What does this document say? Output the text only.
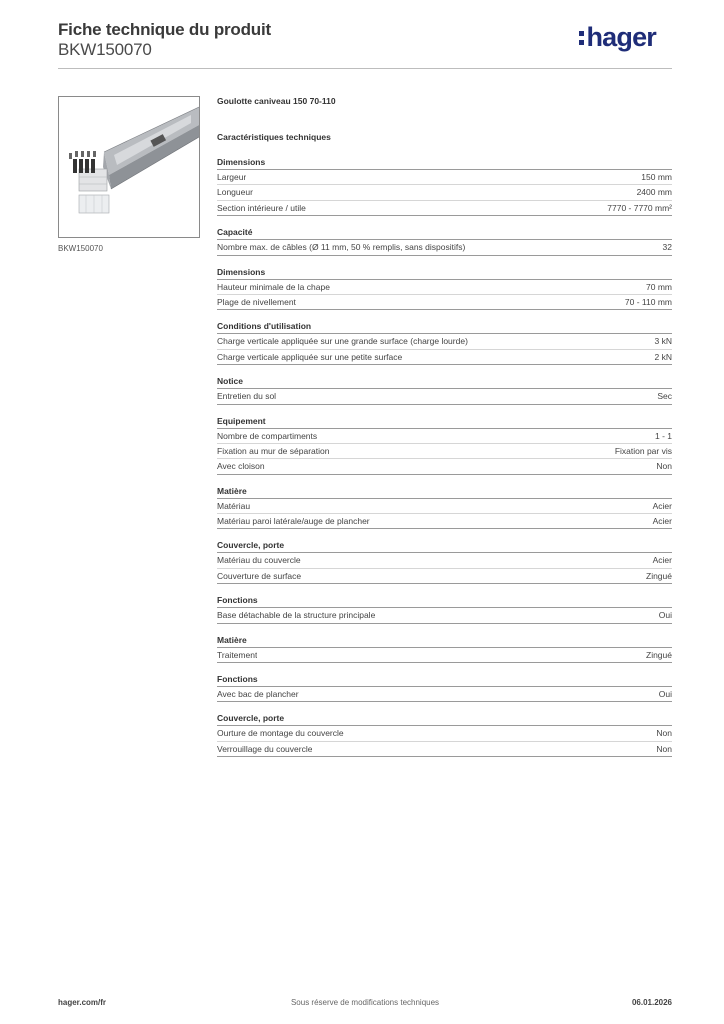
Fiche technique du produit
BKW150070	hager
BKW150070
Goulotte caniveau 150 70-110
Caractéristiques techniques
Dimensions
Largeur	150 mm
Longueur	2400 mm
Section intérieure / utile	7770 - 7770 mm²
Capacité
Nombre max. de câbles (Ø 11 mm, 50 % remplis, sans dispositifs)	32
Dimensions
Hauteur minimale de la chape	70 mm
Plage de nivellement	70 - 110 mm
Conditions d'utilisation
Charge verticale appliquée sur une grande surface (charge lourde)	3 kN
Charge verticale appliquée sur une petite surface	2 kN
Notice
Entretien du sol	Sec
Equipement
Nombre de compartiments	1 - 1
Fixation au mur de séparation	Fixation par vis
Avec cloison	Non
Matière
Matériau	Acier
Matériau paroi latérale/auge de plancher	Acier
Couvercle, porte
Matériau du couvercle	Acier
Couverture de surface	Zingué
Fonctions
Base détachable de la structure principale	Oui
Matière
Traitement	Zingué
Fonctions
Avec bac de plancher	Oui
Couvercle, porte
Ourture de montage du couvercle	Non
Verrouillage du couvercle	Non
hager.com/fr	Sous réserve de modifications techniques	06.01.2026
